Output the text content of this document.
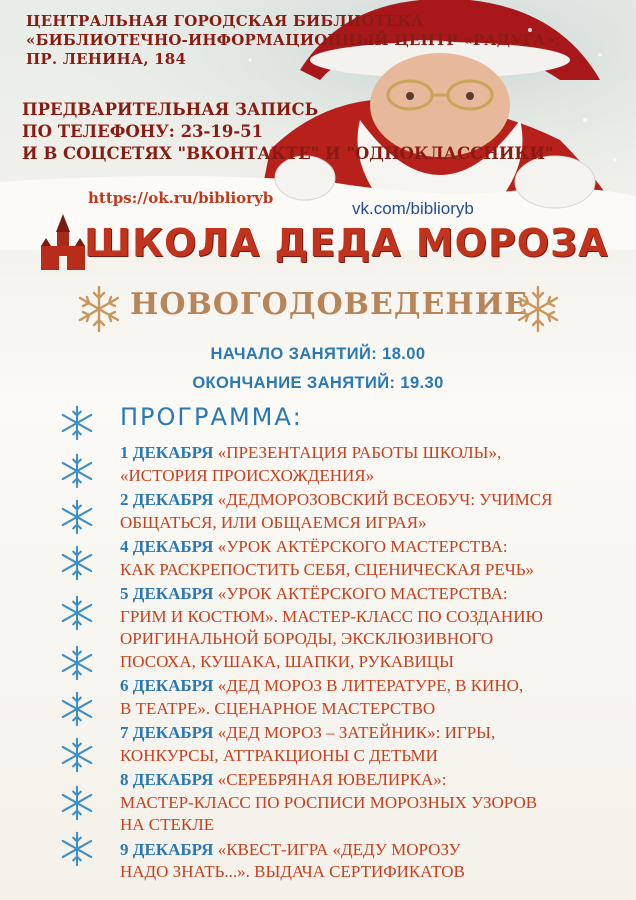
ЦЕНТРАЛЬНАЯ ГОРОДСКАЯ БИБЛИОТЕКА
«БИБЛИОТЕЧНО-ИНФОРМАЦИОННЫЙ ЦЕНТР «РАДУГА»,
ПР. ЛЕНИНА, 184
ПРЕДВАРИТЕЛЬНАЯ ЗАПИСЬ
ПО ТЕЛЕФОНУ: 23-19-51
И В СОЦСЕТЯХ "ВКОНТАКТЕ" И "ОДНОКЛАССНИКИ"
https://ok.ru/biblioryb
vk.com/biblioryb
ШКОЛА ДЕДА МОРОЗА
НОВОГОДОВЕДЕНИЕ
НАЧАЛО ЗАНЯТИЙ: 18.00
ОКОНЧАНИЕ ЗАНЯТИЙ: 19.30
ПРОГРАММА:
1 ДЕКАБРЯ «ПРЕЗЕНТАЦИЯ РАБОТЫ ШКОЛЫ»,
«ИСТОРИЯ ПРОИСХОЖДЕНИЯ»
2 ДЕКАБРЯ «ДЕДМОРОЗОВСКИЙ ВСЕОБУЧ: УЧИМСЯ
ОБЩАТЬСЯ, ИЛИ ОБЩАЕМСЯ ИГРАЯ»
4 ДЕКАБРЯ «УРОК АКТЁРСКОГО МАСТЕРСТВА:
КАК РАСКРЕПОСТИТЬ СЕБЯ, СЦЕНИЧЕСКАЯ РЕЧЬ»
5 ДЕКАБРЯ «УРОК АКТЁРСКОГО МАСТЕРСТВА:
ГРИМ И КОСТЮМ». МАСТЕР-КЛАСС ПО СОЗДАНИЮ
ОРИГИНАЛЬНОЙ БОРОДЫ, ЭКСКЛЮЗИВНОГО
ПОСОХА, КУШАКА, ШАПКИ, РУКАВИЦЫ
6 ДЕКАБРЯ «ДЕД МОРОЗ В ЛИТЕРАТУРЕ, В КИНО,
В ТЕАТРЕ». СЦЕНАРНОЕ МАСТЕРСТВО
7 ДЕКАБРЯ «ДЕД МОРОЗ – ЗАТЕЙНИК»: ИГРЫ,
КОНКУРСЫ, АТТРАКЦИОНЫ С ДЕТЬМИ
8 ДЕКАБРЯ «СЕРЕБРЯНАЯ ЮВЕЛИРКА»:
МАСТЕР-КЛАСС ПО РОСПИСИ МОРОЗНЫХ УЗОРОВ
НА СТЕКЛЕ
9 ДЕКАБРЯ «КВЕСТ-ИГРА «ДЕДУ МОРОЗУ
НАДО ЗНАТЬ...». ВЫДАЧА СЕРТИФИКАТОВ
